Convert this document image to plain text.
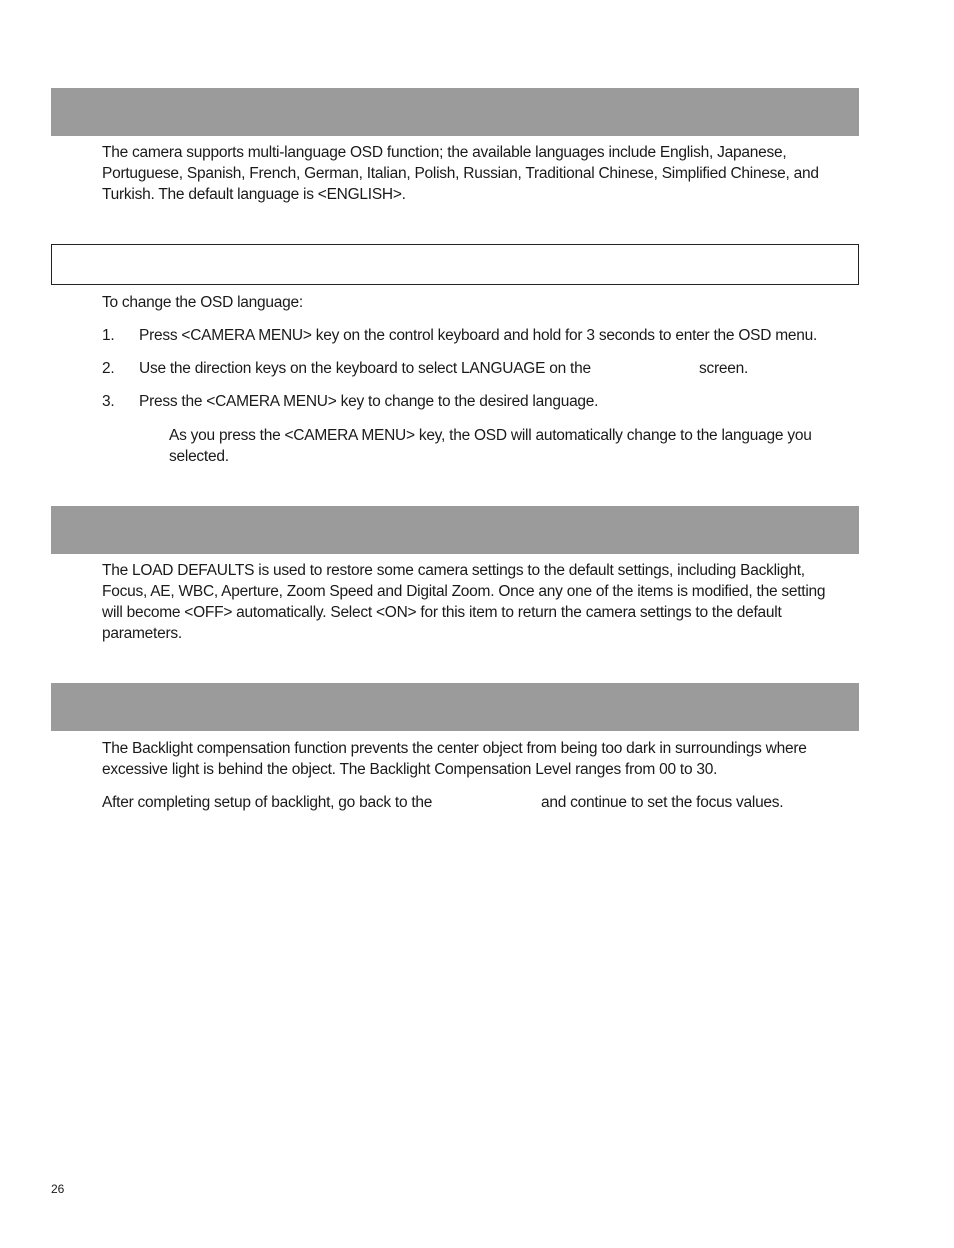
The camera supports multi-language OSD function; the available languages include English, Japanese, Portuguese, Spanish, French, German, Italian, Polish, Russian, Traditional Chinese, Simplified Chinese, and Turkish. The default language is <ENGLISH>.

To change the OSD language:

1. Press <CAMERA MENU> key on the control keyboard and hold for 3 seconds to enter the OSD menu.
2. Use the direction keys on the keyboard to select LANGUAGE on the	screen.
3. Press the <CAMERA MENU> key to change to the desired language.

As you press the <CAMERA MENU> key, the OSD will automatically change to the language you selected.

The LOAD DEFAULTS is used to restore some camera settings to the default settings, including Backlight, Focus, AE, WBC, Aperture, Zoom Speed and Digital Zoom. Once any one of the items is modified, the setting will become <OFF> automatically. Select <ON> for this item to return the camera settings to the default parameters.

The Backlight compensation function prevents the center object from being too dark in surroundings where excessive light is behind the object. The Backlight Compensation Level ranges from 00 to 30.

After completing setup of backlight, go back to the	and continue to set the focus values.
26
